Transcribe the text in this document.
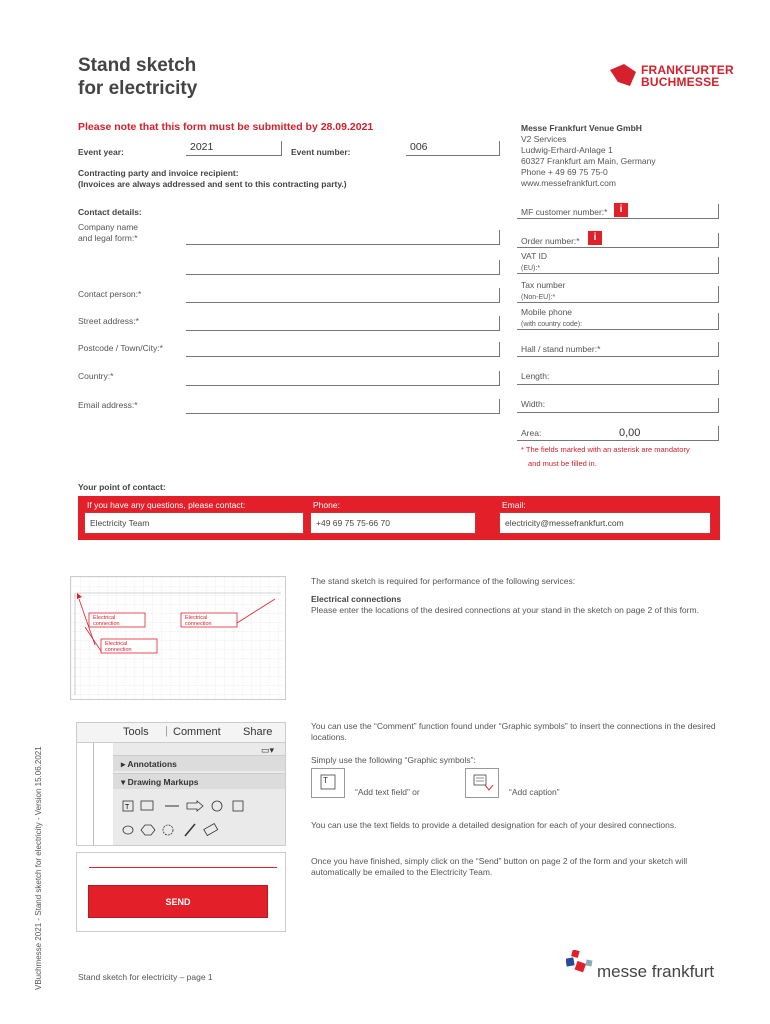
Stand sketch
for electricity
FRANKFURTER
BUCHMESSE
Please note that this form must be submitted by 28.09.2021
Event year:	2021	Event number:	006
Contracting party and invoice recipient:
(Invoices are always addressed and sent to this contracting party.)
Messe Frankfurt Venue GmbH
V2 Services
Ludwig-Erhard-Anlage 1
60327 Frankfurt am Main, Germany
Phone + 49 69 75 75-0
www.messefrankfurt.com
Contact details:
Company name
and legal form:*
Contact person:*
Street address:*
Postcode / Town/City:*
Country:*
Email address:*
MF customer number:*	i
Order number:*	i
VAT ID
(EU):*
Tax number
(Non-EU):*
Mobile phone
(with country code):
Hall / stand number:*
Length:
Width:
Area:	0,00
* The fields marked with an asterisk are mandatory
and must be filled in.
Your point of contact:
If you have any questions, please contact:
Electricity Team
Phone:
+49 69 75 75-66 70
Email:
electricity@messefrankfurt.com
Electrical
connection
Electrical
connection
Electrical
connection
Tools | Comment Share
▭▾
▸ Annotations
▾ Drawing Markups
T
SEND
The stand sketch is required for performance of the following services:
Electrical connections
Please enter the locations of the desired connections at your stand in the sketch on page 2 of this form.
You can use the “Comment” function found under “Graphic symbols” to insert the connections in the desired locations.
Simply use the following “Graphic symbols”:
T
“Add text field” or	“Add caption”
You can use the text fields to provide a detailed designation for each of your desired connections.
Once you have finished, simply click on the “Send” button on page 2 of the form and your sketch will automatically be emailed to the Electricity Team.
VBuchmesse 2021 - Stand sketch for electricity - Version 15.06.2021	Stand sketch for electricity – page 1	messe frankfurt
